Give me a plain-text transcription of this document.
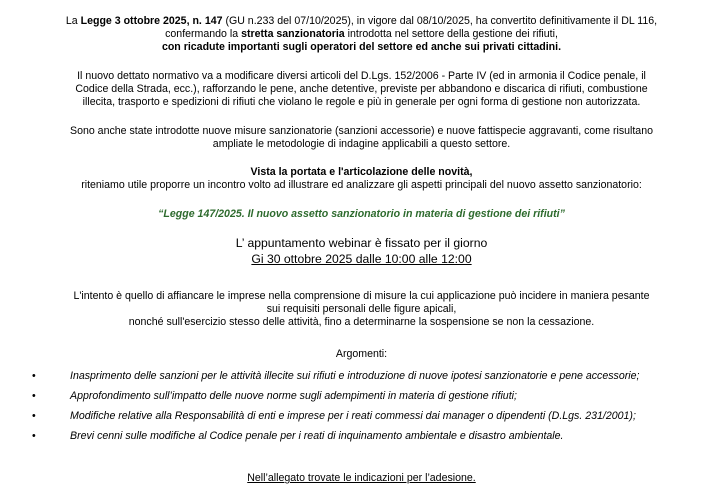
La Legge 3 ottobre 2025, n. 147 (GU n.233 del 07/10/2025), in vigore dal 08/10/2025, ha convertito definitivamente il DL 116,

confermando la stretta sanzionatoria introdotta nel settore della gestione dei rifiuti,

con ricadute importanti sugli operatori del settore ed anche sui privati cittadini.

Il nuovo dettato normativo va a modificare diversi articoli del D.Lgs. 152/2006 - Parte IV (ed in armonia il Codice penale, il

Codice della Strada, ecc.), rafforzando le pene, anche detentive, previste per abbandono e discarica di rifiuti, combustione

illecita, trasporto e spedizioni di rifiuti che violano le regole e più in generale per ogni forma di gestione non autorizzata.

Sono anche state introdotte nuove misure sanzionatorie (sanzioni accessorie) e nuove fattispecie aggravanti, come risultano

ampliate le metodologie di indagine applicabili a questo settore.

Vista la portata e l'articolazione delle novità,

riteniamo utile proporre un incontro volto ad illustrare ed analizzare gli aspetti principali del nuovo assetto sanzionatorio:

“Legge 147/2025. Il nuovo assetto sanzionatorio in materia di gestione dei rifiuti”

L’ appuntamento webinar è fissato per il giorno

Gi 30 ottobre 2025 dalle 10:00 alle 12:00

L'intento è quello di affiancare le imprese nella comprensione di misure la cui applicazione può incidere in maniera pesante

sui requisiti personali delle figure apicali,

nonché sull'esercizio stesso delle attività, fino a determinarne la sospensione se non la cessazione.

Argomenti:

•	Inasprimento delle sanzioni per le attività illecite sui rifiuti e introduzione di nuove ipotesi sanzionatorie e pene accessorie;
•	Approfondimento sull’impatto delle nuove norme sugli adempimenti in materia di gestione rifiuti;
•	Modifiche relative alla Responsabilità di enti e imprese per i reati commessi dai manager o dipendenti (D.Lgs. 231/2001);
•	Brevi cenni sulle modifiche al Codice penale per i reati di inquinamento ambientale e disastro ambientale.

Nell’allegato trovate le indicazioni per l’adesione.
